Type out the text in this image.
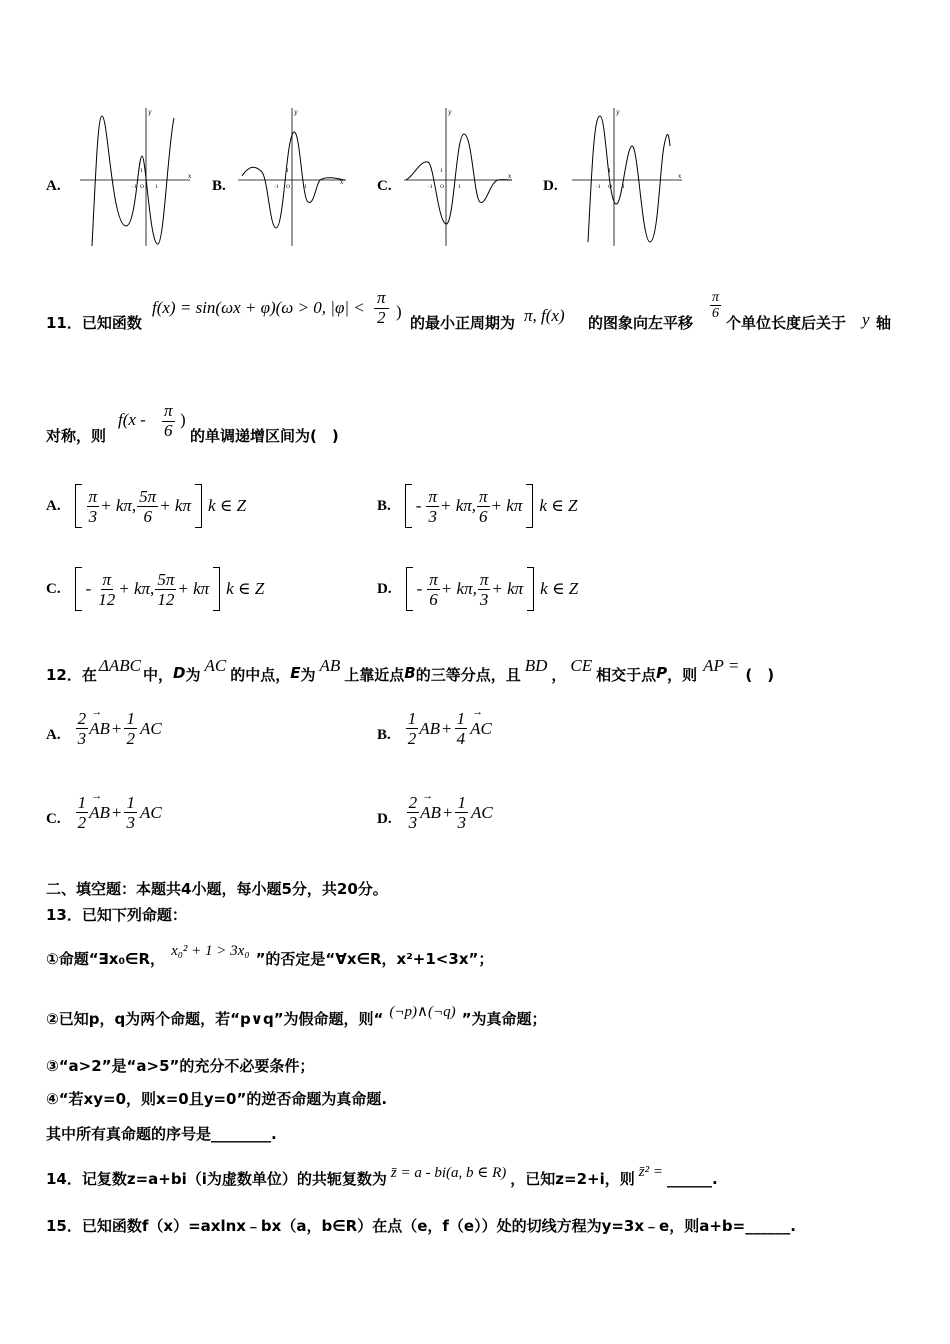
A.	B.	C.	D.
x
y
-1 O 1
1
x'
y
-1 O	1
1
x
y
-1 O	1
1
x
y
-1 O 1
1
11．已知函数
f(x) = sin(ωx + φ)(ω > 0, |φ| <
π
2 )
的最小正周期为 π, f(x) 的图象向左平移
π
6
个单位长度后关于 y 轴
对称，则
f(x - π
6
)
的单调递增区间为(　)
A. $\frac{\pi}{3} + k\pi$, $\frac{5\pi}{6} + k\pi$ k ∈ Z	B. - $\frac{\pi}{3} + k\pi$, $\frac{\pi}{6} + k\pi$ k ∈ Z
C. - $\frac{\pi}{12} + k\pi$, $\frac{5\pi}{12} + k\pi$ k ∈ Z	D. - $\frac{\pi}{6} + k\pi$, $\frac{\pi}{3} + k\pi$ k ∈ Z
12．在 ΔABC 中， D 为 AC 的中点， E 为 AB 上靠近点 B 的三等分点，且 BD ， CE 相交于点 P ，则 AP = (　)
A. $\frac{2}{3}$ → AB + $\frac{1}{2}$ AC	B. $\frac{1}{2}$ AB + $\frac{1}{4}$ → AC
C. $\frac{1}{2}$ → AB + $\frac{1}{3}$ AC	D. $\frac{2}{3}$ → AB + $\frac{1}{3}$ AC
二、填空题：本题共4小题，每小题5分，共20分。
13．已知下列命题：
①命题“∃x₀∈R， x₀² + 1 > 3x₀ ”的否定是“∀x∈R，x²+1<3x”；
②已知p，q为两个命题，若“p∨q”为假命题，则“ (¬p)∧(¬q) ”为真命题；
③“a>2”是“a>5”的充分不必要条件；
④“若xy=0，则x=0且y=0”的逆否命题为真命题.
其中所有真命题的序号是________.
14．记复数z=a+bi（i为虚数单位）的共轭复数为 z̄ = a - bi(a, b ∈ R) ，已知z=2+i，则 z̄² = ______.
15．已知函数f（x）=axlnx﹣bx（a，b∈R）在点（e，f（e））处的切线方程为y=3x﹣e，则a+b=______.
